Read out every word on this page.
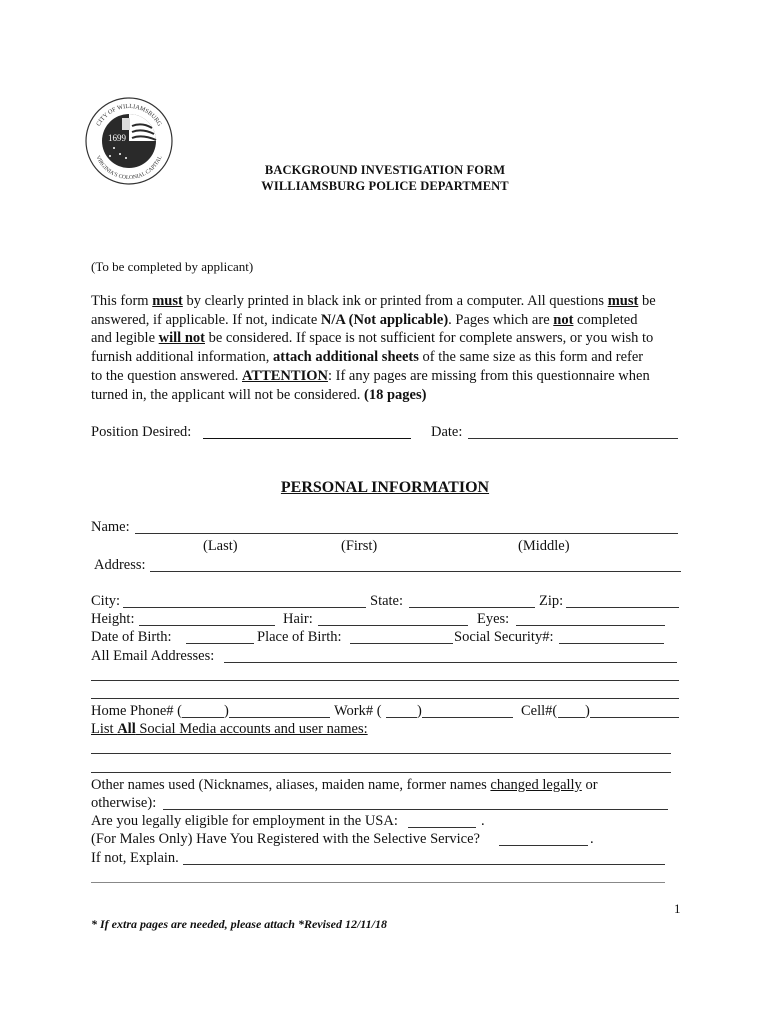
1699
CITY OF WILLIAMSBURG
VIRGINIA'S COLONIAL CAPITAL
BACKGROUND INVESTIGATION FORM
WILLIAMSBURG POLICE DEPARTMENT
(To be completed by applicant)
This form must by clearly printed in black ink or printed from a computer. All questions must be
answered, if applicable. If not, indicate N/A (Not applicable). Pages which are not completed
and legible will not be considered. If space is not sufficient for complete answers, or you wish to
furnish additional information, attach additional sheets of the same size as this form and refer
to the question answered. ATTENTION: If any pages are missing from this questionnaire when
turned in, the applicant will not be considered. (18 pages)
Position Desired:	Date:
PERSONAL INFORMATION
Name:
(Last)	(First)	(Middle)
Address:
City:	State:	Zip:
Height:	Hair:	Eyes:
Date of Birth:	Place of Birth:	Social Security#:
All Email Addresses:
Home Phone# (	)	Work# ( )	Cell#( )
List All Social Media accounts and user names:
Other names used (Nicknames, aliases, maiden name, former names changed legally or
otherwise):
Are you legally eligible for employment in the USA:	.
(For Males Only) Have You Registered with the Selective Service?	.
If not, Explain.
1
* If extra pages are needed, please attach *Revised 12/11/18
